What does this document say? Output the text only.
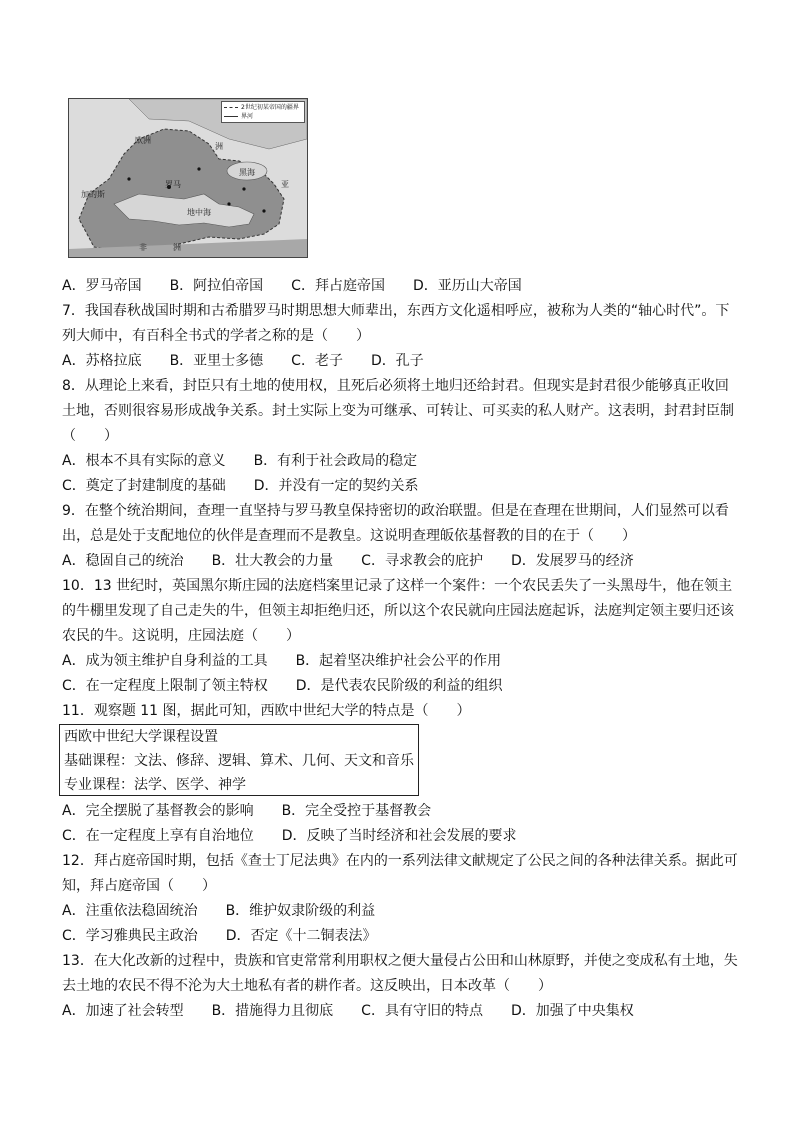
2世纪初某帝国的疆界
界河
罗马
欧洲
洲
非	洲
加的斯
地中海
亚
黑海
A．罗马帝国　　B．阿拉伯帝国　　C．拜占庭帝国　　D．亚历山大帝国
7．我国春秋战国时期和古希腊罗马时期思想大师辈出，东西方文化遥相呼应，被称为人类的“轴心时代”。下
列大师中，有百科全书式的学者之称的是（　　）
A．苏格拉底　　B．亚里士多德　　C．老子　　D．孔子
8．从理论上来看，封臣只有土地的使用权，且死后必须将土地归还给封君。但现实是封君很少能够真正收回
土地，否则很容易形成战争关系。封土实际上变为可继承、可转让、可买卖的私人财产。这表明，封君封臣制
（　　）
A．根本不具有实际的意义　　B．有利于社会政局的稳定
C．奠定了封建制度的基础　　D．并没有一定的契约关系
9．在整个统治期间，查理一直坚持与罗马教皇保持密切的政治联盟。但是在查理在世期间，人们显然可以看
出，总是处于支配地位的伙伴是查理而不是教皇。这说明查理皈依基督教的目的在于（　　）
A．稳固自己的统治　　B．壮大教会的力量　　C．寻求教会的庇护　　D．发展罗马的经济
10．13 世纪时，英国黑尔斯庄园的法庭档案里记录了这样一个案件：一个农民丢失了一头黑母牛，他在领主
的牛棚里发现了自己走失的牛，但领主却拒绝归还，所以这个农民就向庄园法庭起诉，法庭判定领主要归还该
农民的牛。这说明，庄园法庭（　　）
A．成为领主维护自身利益的工具　　B．起着坚决维护社会公平的作用
C．在一定程度上限制了领主特权　　D．是代表农民阶级的利益的组织
11．观察题 11 图，据此可知，西欧中世纪大学的特点是（　　）
西欧中世纪大学课程设置
基础课程：文法、修辞、逻辑、算术、几何、天文和音乐
专业课程：法学、医学、神学
A．完全摆脱了基督教会的影响　　B．完全受控于基督教会
C．在一定程度上享有自治地位　　D．反映了当时经济和社会发展的要求
12．拜占庭帝国时期，包括《查士丁尼法典》在内的一系列法律文献规定了公民之间的各种法律关系。据此可
知，拜占庭帝国（　　）
A．注重依法稳固统治　　B．维护奴隶阶级的利益
C．学习雅典民主政治　　D．否定《十二铜表法》
13．在大化改新的过程中，贵族和官吏常常利用职权之便大量侵占公田和山林原野，并使之变成私有土地，失
去土地的农民不得不沦为大土地私有者的耕作者。这反映出，日本改革（　　）
A．加速了社会转型　　B．措施得力且彻底　　C．具有守旧的特点　　D．加强了中央集权
